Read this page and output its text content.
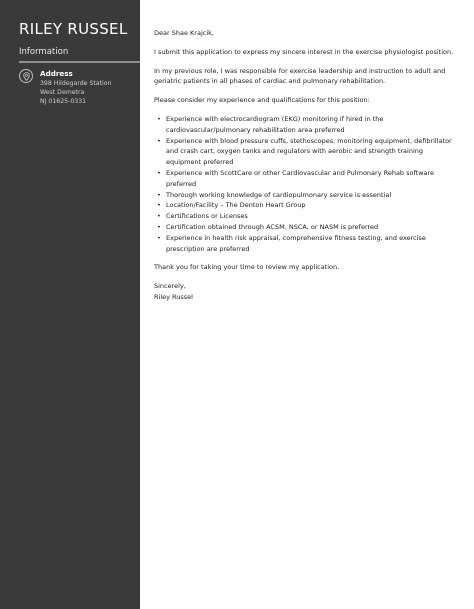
RILEY RUSSEL
Information
Address
398 Hildegarde Station
West Demetra
NJ 01625-0331
Dear Shae Krajcik,
I submit this application to express my sincere interest in the exercise physiologist position.
In my previous role, I was responsible for exercise leadership and instruction to adult and geriatric patients in all phases of cardiac and pulmonary rehabilitation.
Please consider my experience and qualifications for this position:
• Experience with electrocardiogram (EKG) monitoring if hired in the cardiovascular/pulmonary rehabilitation area preferred
• Experience with blood pressure cuffs, stethoscopes, monitoring equipment, defibrillator and crash cart, oxygen tanks and regulators with aerobic and strength training equipment preferred
• Experience with ScottCare or other Cardiovascular and Pulmonary Rehab software preferred
• Thorough working knowledge of cardiopulmonary service is essential
• Location/Facility – The Denton Heart Group
• Certifications or Licenses
• Certification obtained through ACSM, NSCA, or NASM is preferred
• Experience in health risk appraisal, comprehensive fitness testing, and exercise prescription are preferred
Thank you for taking your time to review my application.
Sincerely,
Riley Russel
